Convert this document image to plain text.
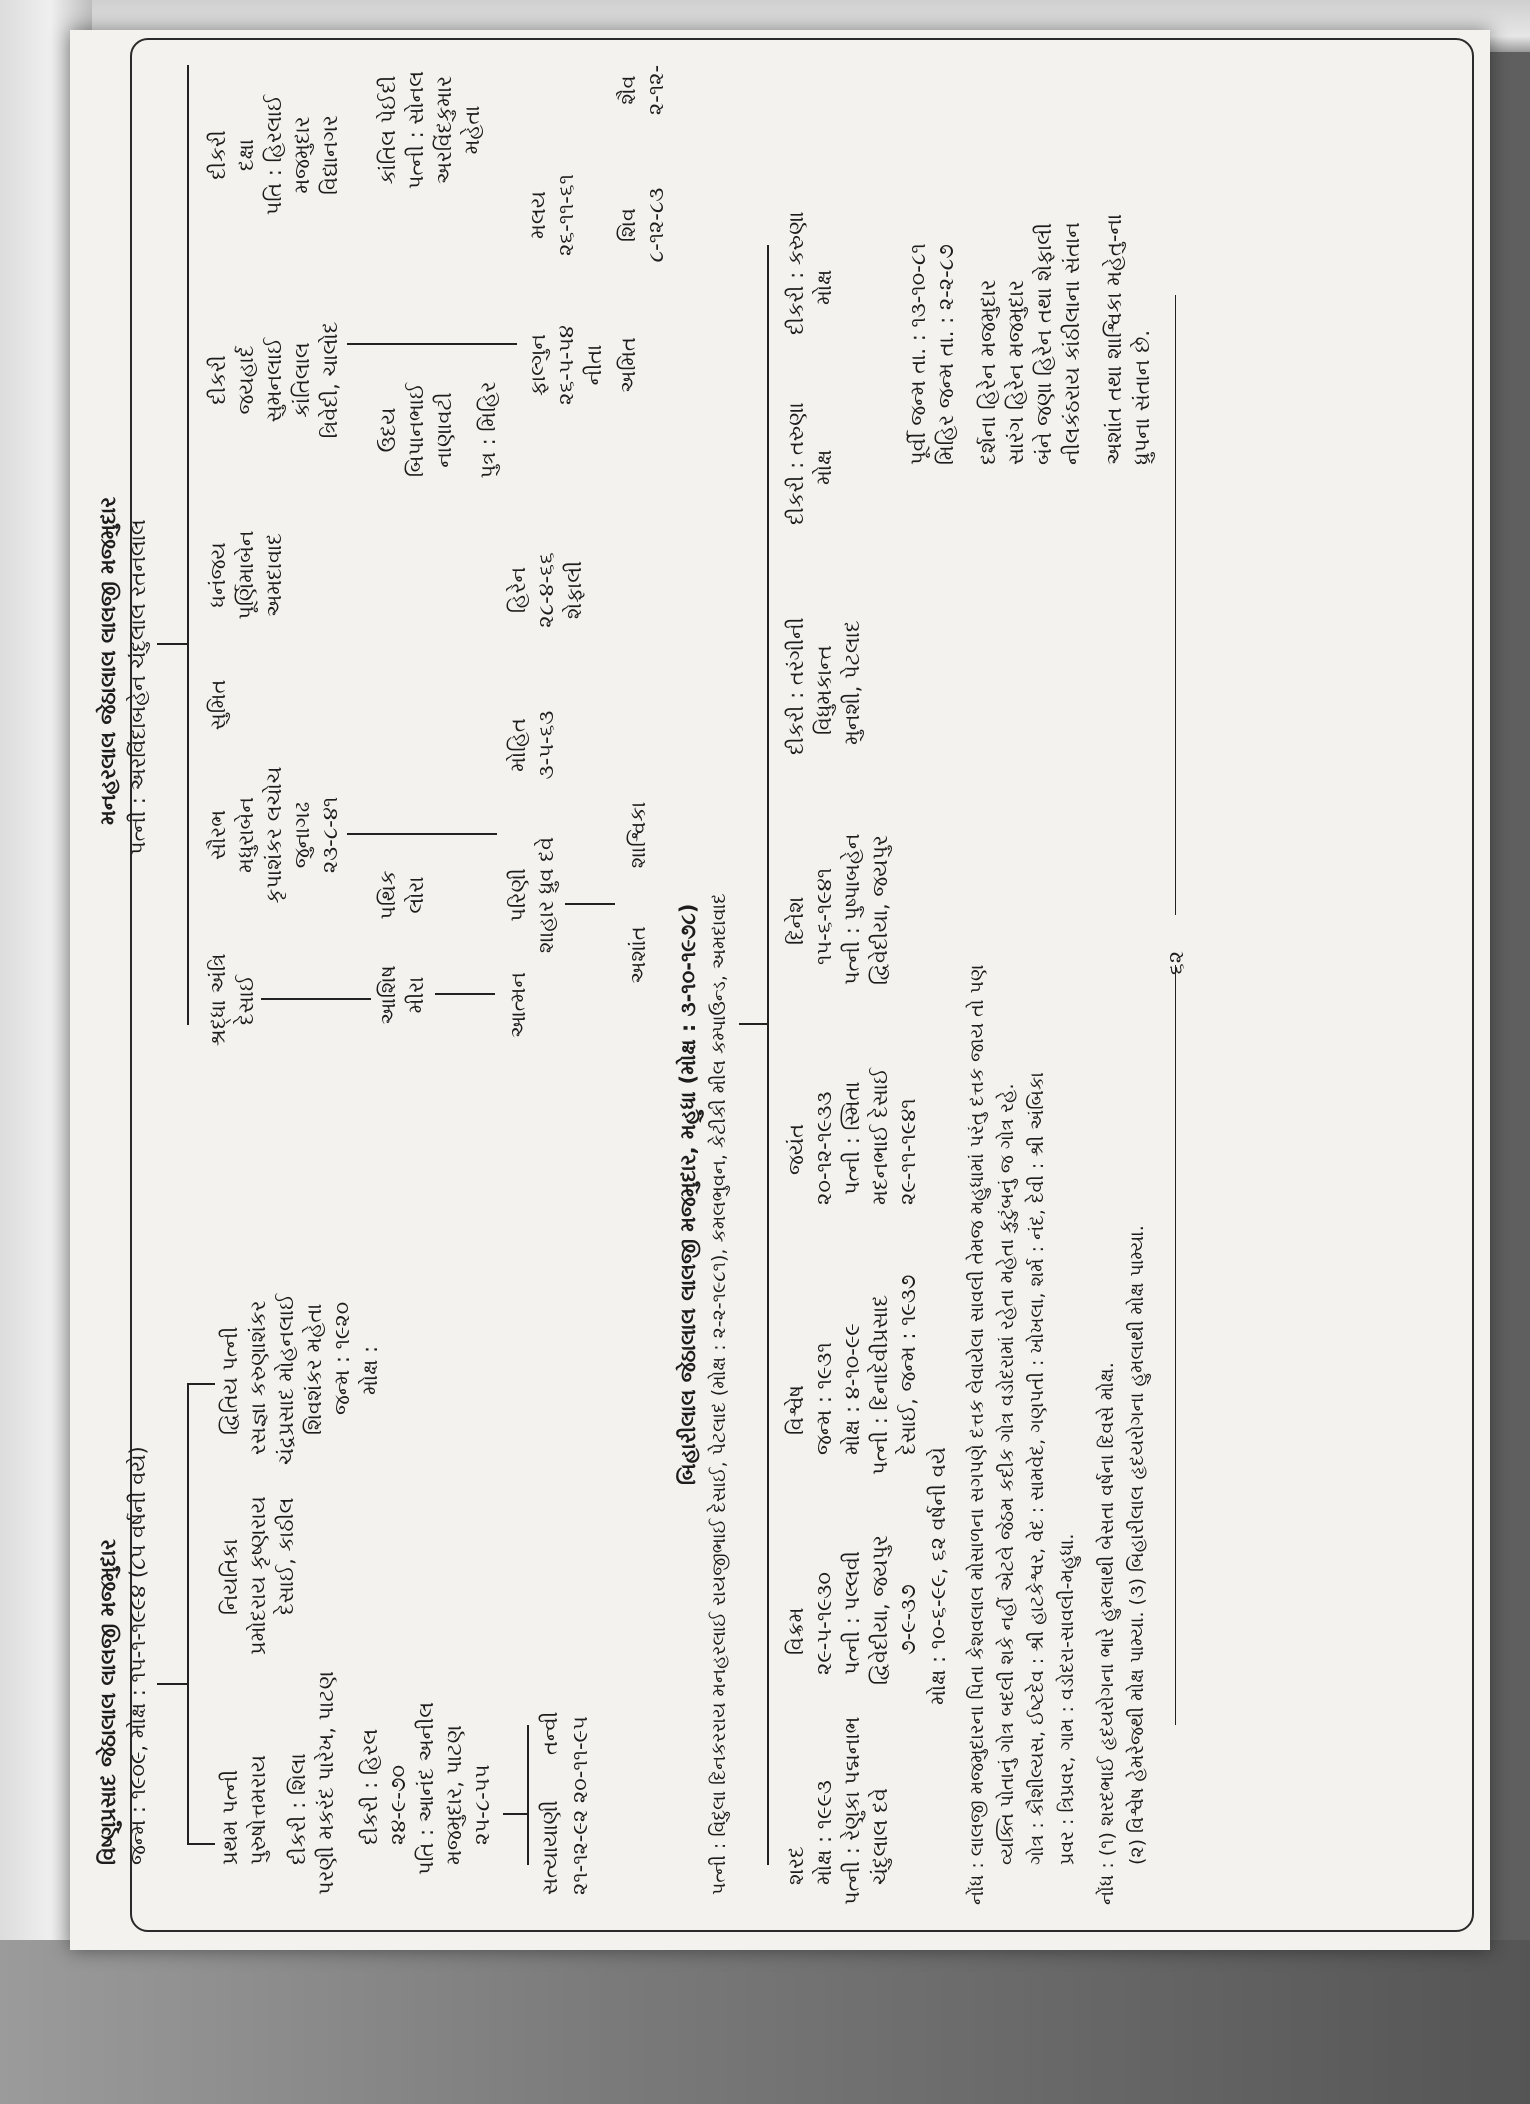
વિષ્ણુપ્રસાદ જેઠાલાલ લાલજી મજમુદાર જન્મ : ૧૯૦૯, મોક્ષ : ૧૫-૧-૧૯૯૪ (૮૫ વર્ષની વયે)	પ્રથમ પત્ની પુરુષોત્તમરાય દીકરી : શિલા પરણી મકરંદ પારેખ, પાટણ દીકરી : હિરલ ૨૪-૯-૭૦ પતિ : આનંદ અનીલ મજમુદાર, પાટણ ૨૫-૮-૫૫ સત્યાયાણી
તન્વી ૨૧-૧૨-૯૨ ૨૦-૧૧-૯૫
નિયતિકા પ્રમોદરાય કૃષ્ણરાય દેસાઈ, કાઠીલ
દ્વિતિય પત્ની રસજ્ઞા કરુણાશંકર ચંદ્રપ્રસાદ મોહનલાઈ શિવશંકર મહેતા જન્મ : ૧૯૨૦ મોક્ષ :
મનહરલાલ જેઠાલાલ લાલજી મજમુદાર પત્ની : અરવિંદાબહેન ચંદુલાલ રતનલાલ
શ્રદ્ધા અંત્રિ દેસાઈ
સૌરભ મધુરાબેન કૃપાશંકર લચોચ જુનાગઢ ૨૩-૮-૪૧
સુમિત
ધનંજય પૂર્ણિમાબેન અમદાવાદ
દીકરી જયહાર્દ સુમનલાઈ કાંતિલાલ ત્રિવેદી, ચાલોદ
દીકરી દક્ષા પતિ : હિરલાઈ મજમુદાર વિદ્યાનગર
આશિષ મીરા
પથિક લોરા
આત્મન
પરિણી શાહાર ધ્રુવ દવે
અશાંત
શાશ્વિકા
મોહિત ૩-૫-૬૩
હિરેન ૨૮-૪-૬૬ શેફાલી
ઉદય બિપાનભાઈ નાણાવટી પુત્ર : મિહિર
ફાલ્ગુન ૨૬-૫-૫૪ નીતા અમિત
મલય ૨૬-૧૧-૬૧ શિવ ૮-૧૨-૮૩
શૈવ ૨-૧૨-
કાંતિલ પેઈદી પત્ની : સોનલ અરવિંદકુમાર મહેતા
બિહારીલાલ જેઠાલાલ લાલજી મજમુદાર, મહુધા (મોક્ષ : ૩-૧૦-૧૯૭૮) પત્ની : વિદુલા દિનકરરાય મનહરલાઈ રાયજીભાઈ દેસાઈ, પેટલાદ (મોક્ષ : ૨-૨-૧૯૮૧), કમલભુવન, કેટીકી મીલ કમ્પાઉન્ડ, અમદાવાદ	શરદ મોક્ષ : ૧૯૯૩ પત્ની : રેણુકા પદ્મનાભ ચંદુલાલ દવે
વિક્રમ ૨૯-૫-૧૯૩૦ પત્ની : પલ્લવી દ્વિવેદીયા, જયપુર ૭-૯-૩૭ મોક્ષ : ૧૦-૬-૯૯, ૬૨ વર્ષની વયે
વિશ્વેષ જન્મ : ૧૯૩૧ મોક્ષ : ૪-૧૦-૯૯ પત્ની : દિનાદેવીપ્રસાદ દેસાઈ, જન્મ : ૧૯૩૭
જયંત ૨૦-૧૨-૧૯૩૩ પત્ની : સ્મિતા મદનભાઈ દેસાઈ ૨૯-૧૧-૧૯૪૧
દિનેશ ૧૫-૬-૧૯૪૧ પત્ની : પુષ્પાબહેન દ્વિવેદીયા, જયપુર
દીકરી : તરંગીની વિધુમકાન્ત મુનશી, પેટલાદ
દીકરી : તરુણા મોક્ષ
દીકરી : કરુણા મોક્ષ	પૂર્વી જન્મ તા. : ૧૩-૧૦-૮૧ મિહિર જન્મ તા. : ૨-૨-૮૭ દર્શના હિરેન મજમુદાર સારંગ હિરેન મજમુદાર બંને જણા હિરેન તથા શેફાલી નીલકંઠરાય કાંઠીલાના સંતાન અશાંત તથા શાશ્વિકા મહેતુ-ના ધ્રુપના સંતાન છે.
નોંધ : લાલજી મજમુદારના પિતા કેશવલાલ મોસાળના સગપણે દત્તક લેવાયેલા સાવલી તેમજ મહુધામાં પરંતુ દત્તક જાય તો પણ વ્યક્તિ પોતાનું ગોત્ર બદલી શકે નહીં એટલે જેઠમ કદીક ગોત્ર વડોદરામાં રહેતા મહેતા કુટુંબનું જ ગોત્ર રહે. ગોત્ર : કૌશીલ્યસ, ઈષ્ટદેવ : શ્રી હાટકેશ્વર, વેદ : સામવેદ, ગણપતી : ખોખલા, શર્મ : નંદ, દેવી : શ્રી અંબિકા પ્રવર : ત્રિપ્રવર, ગામ : વડોદરા-સાવલી-મહુધા. નોંધ : (૧) શરદભાઈ હૃદયરોગના ભારે હુમલાથી બેસતા વર્ષના દિવસે મોક્ષ. (૨) વિશ્વેષ હેમરેજથી મોક્ષ પામ્યા. (૩) બિહારીલાલ હૃદયરોગના હુમલાથી મોક્ષ પામ્યા.
૬૨
